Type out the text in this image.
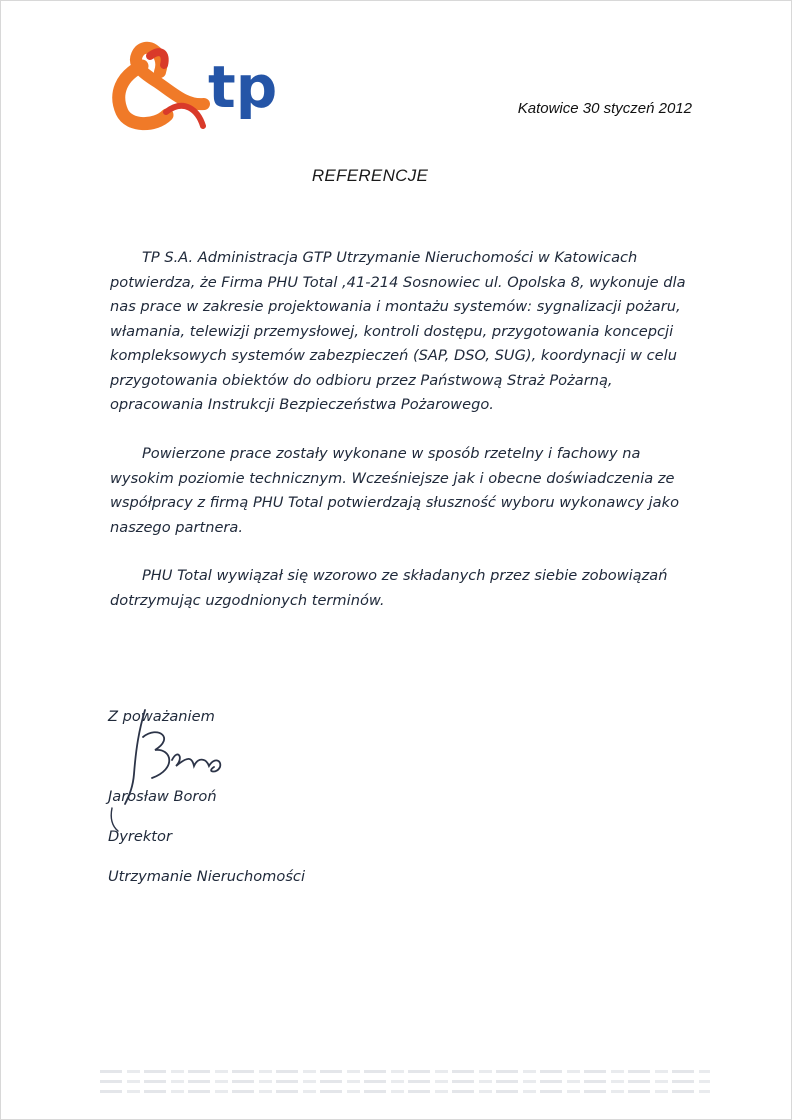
tp	Katowice 30 styczeń 2012
REFERENCJE
TP S.A. Administracja GTP Utrzymanie Nieruchomości w Katowicach potwierdza, że Firma PHU Total ,41-214 Sosnowiec ul. Opolska 8, wykonuje dla nas prace w zakresie projektowania i montażu systemów: sygnalizacji pożaru, włamania, telewizji przemysłowej, kontroli dostępu, przygotowania koncepcji kompleksowych systemów zabezpieczeń (SAP, DSO, SUG), koordynacji w celu przygotowania obiektów do odbioru przez Państwową Straż Pożarną, opracowania Instrukcji Bezpieczeństwa Pożarowego.
Powierzone prace zostały wykonane w sposób rzetelny i fachowy na wysokim poziomie technicznym. Wcześniejsze jak i obecne doświadczenia ze współpracy z firmą PHU Total potwierdzają słuszność wyboru wykonawcy jako naszego partnera.
PHU Total wywiązał się wzorowo ze składanych przez siebie zobowiązań dotrzymując uzgodnionych terminów.
Z poważaniem
Jarosław Boroń
Dyrektor
Utrzymanie Nieruchomości
